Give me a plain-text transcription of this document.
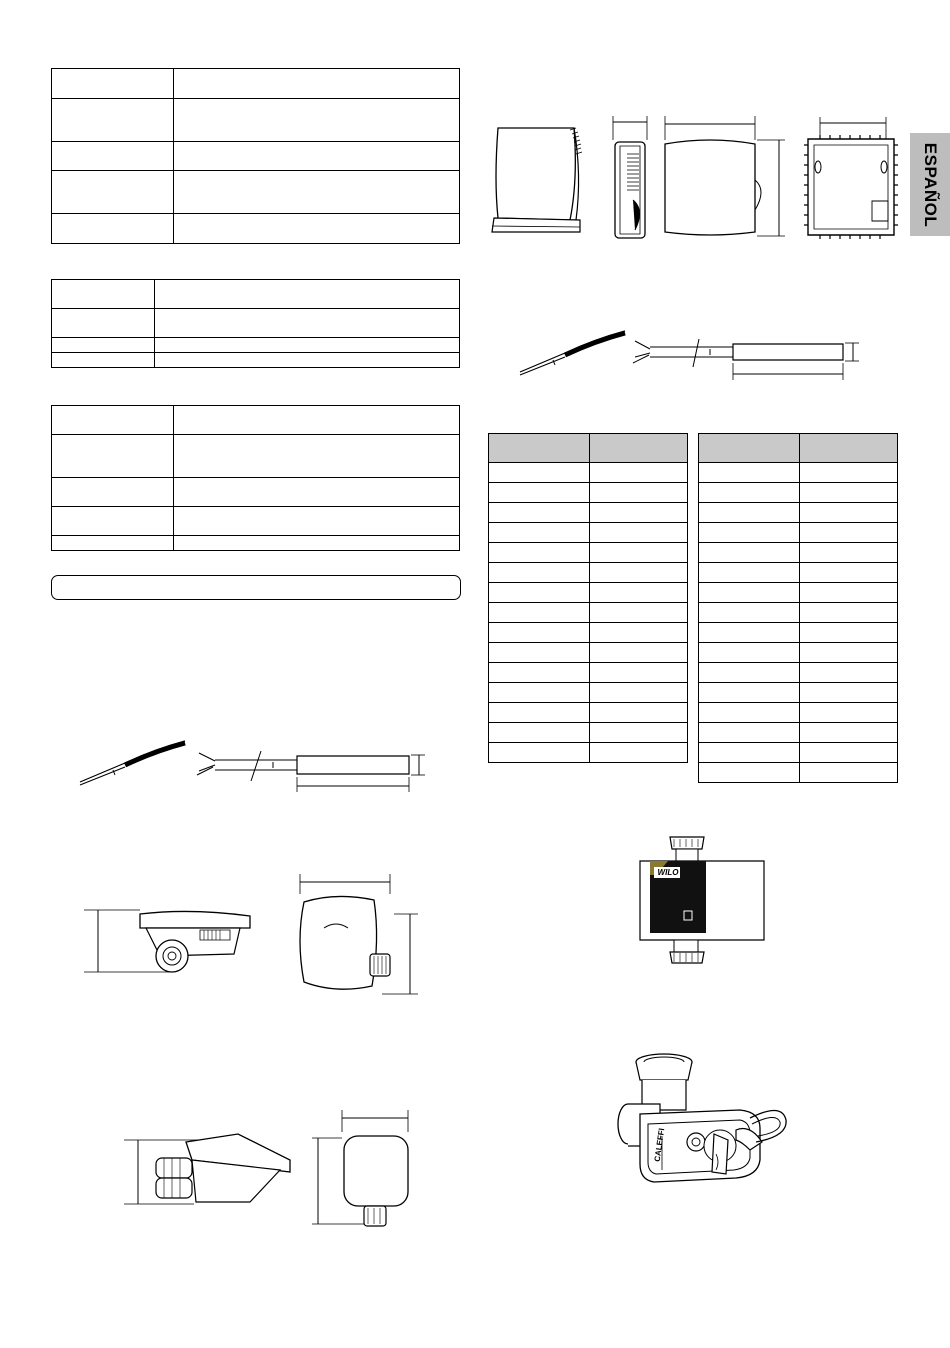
ESPAÑOL

WILO
CALEFFI
